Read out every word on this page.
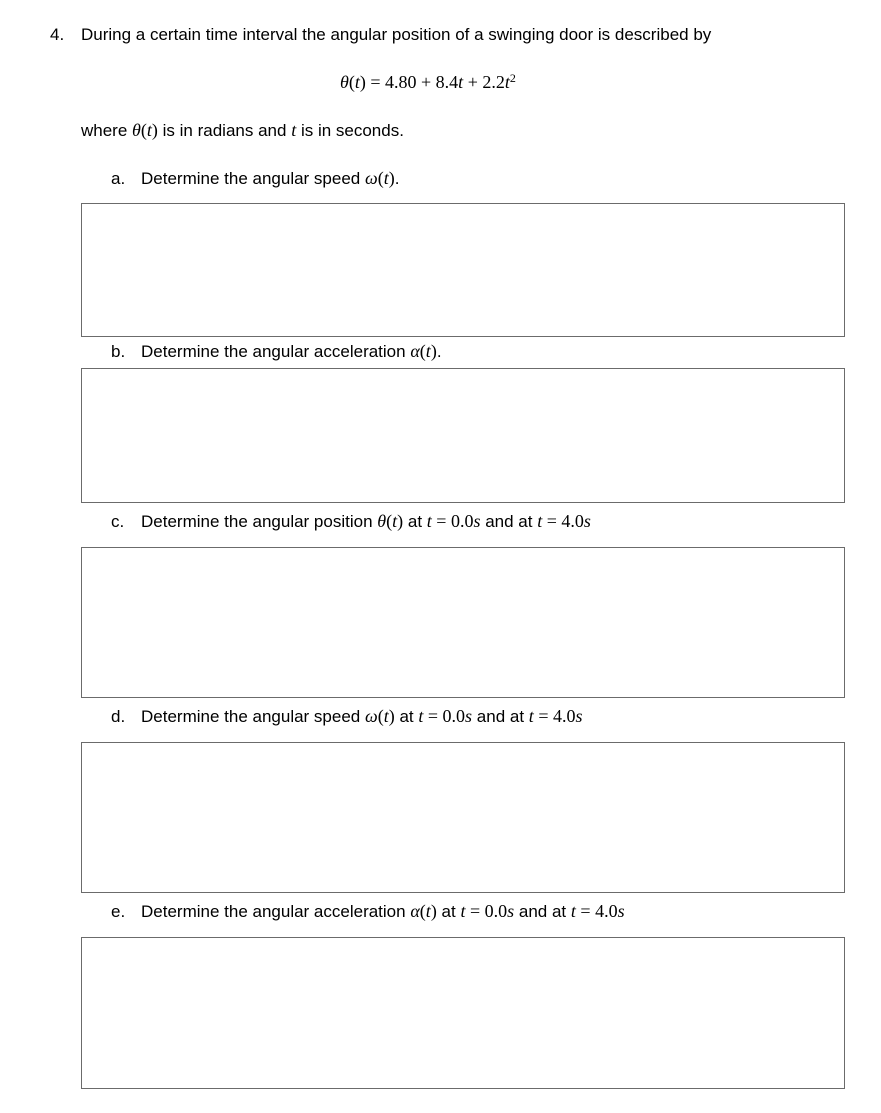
4. During a certain time interval the angular position of a swinging door is described by
$\theta(t) = 4.80 + 8.4t + 2.2t^2$
where θ(t) is in radians and t is in seconds.
a. Determine the angular speed ω(t).
b. Determine the angular acceleration α(t).
c. Determine the angular position θ(t) at t = 0.0s and at t = 4.0s
d. Determine the angular speed ω(t) at t = 0.0s and at t = 4.0s
e. Determine the angular acceleration α(t) at t = 0.0s and at t = 4.0s
